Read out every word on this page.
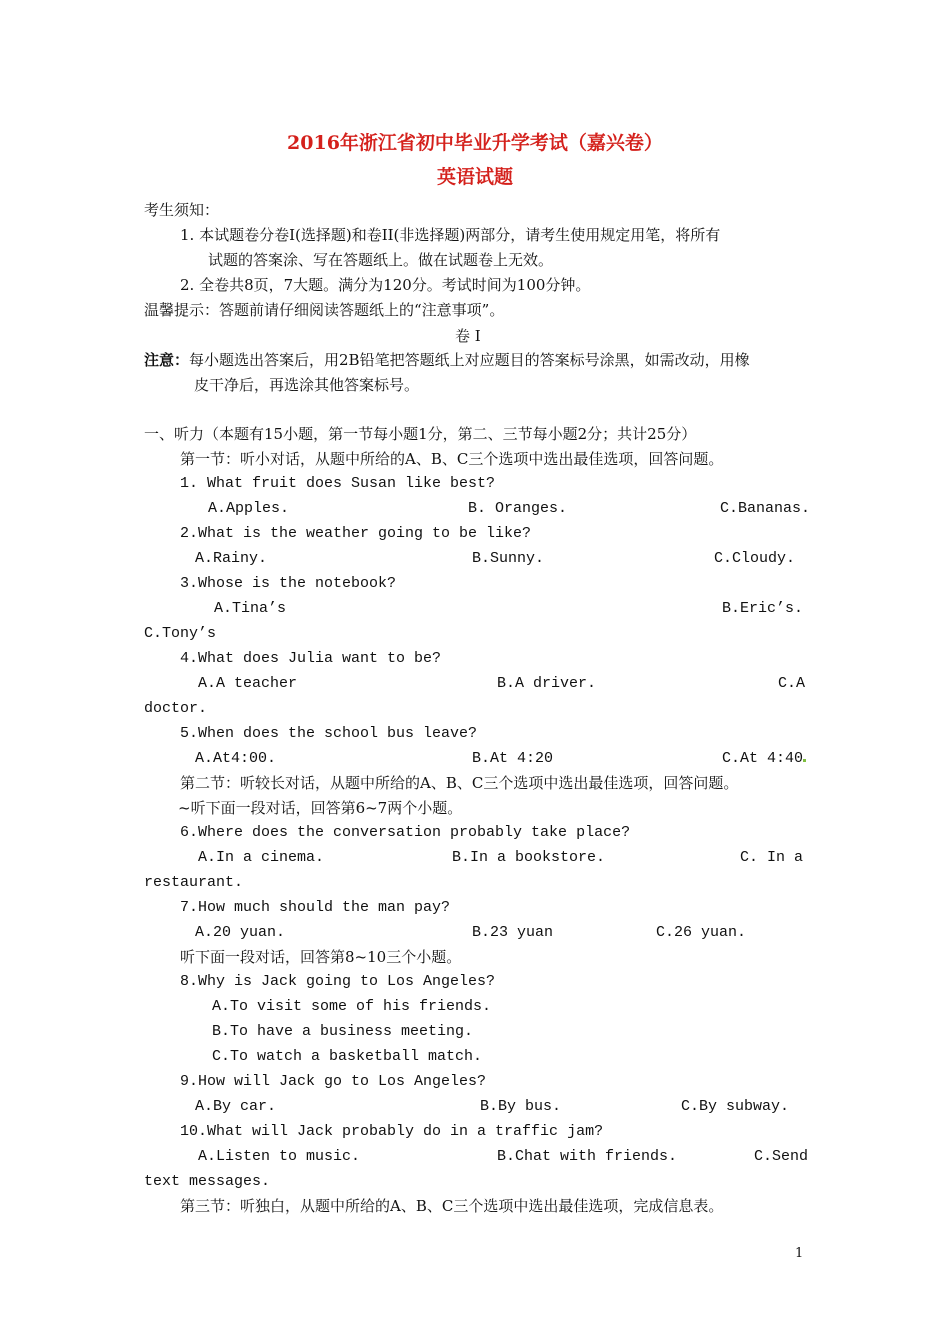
2016年浙江省初中毕业升学考试（嘉兴卷）
英语试题
考生须知：
1. 本试题卷分卷Ⅰ(选择题)和卷II(非选择题)两部分，请考生使用规定用笔，将所有
试题的答案涂、写在答题纸上。做在试题卷上无效。
2. 全卷共8页，7大题。满分为120分。考试时间为100分钟。
温馨提示：答题前请仔细阅读答题纸上的“注意事项”。
卷 Ⅰ
注意：每小题选出答案后，用2B铅笔把答题纸上对应题目的答案标号涂黑，如需改动，用橡
皮干净后，再选涂其他答案标号。
一、听力（本题有15小题，第一节每小题1分，第二、三节每小题2分；共计25分）
第一节：听小对话，从题中所给的A、B、C三个选项中选出最佳选项，回答问题。
1. What fruit does Susan like best?
A.Apples.	B. Oranges.	C.Bananas.
2.What is the weather going to be like?
A.Rainy.	B.Sunny.	C.Cloudy.
3.Whose is the notebook?
A.Tina’s	B.Eric’s.
C.Tony’s
4.What does Julia want to be?
A.A teacher	B.A driver.	C.A
doctor.
5.When does the school bus leave?
A.At4:00.	B.At 4:20	C.At 4:40
第二节：听较长对话，从题中所给的A、B、C三个选项中选出最佳选项，回答问题。
~听下面一段对话，回答第6~7两个小题。
6.Where does the conversation probably take place?
A.In a cinema.	B.In a bookstore.	C. In a
restaurant.
7.How much should the man pay?
A.20 yuan.	B.23 yuan	C.26 yuan.
听下面一段对话，回答第8~10三个小题。
8.Why is Jack going to Los Angeles?
A.To visit some of his friends.
B.To have a business meeting.
C.To watch a basketball match.
9.How will Jack go to Los Angeles?
A.By car.	B.By bus.	C.By subway.
10.What will Jack probably do in a traffic jam?
A.Listen to music.	B.Chat with friends.	C.Send
text messages.
第三节：听独白，从题中所给的A、B、C三个选项中选出最佳选项，完成信息表。
1
